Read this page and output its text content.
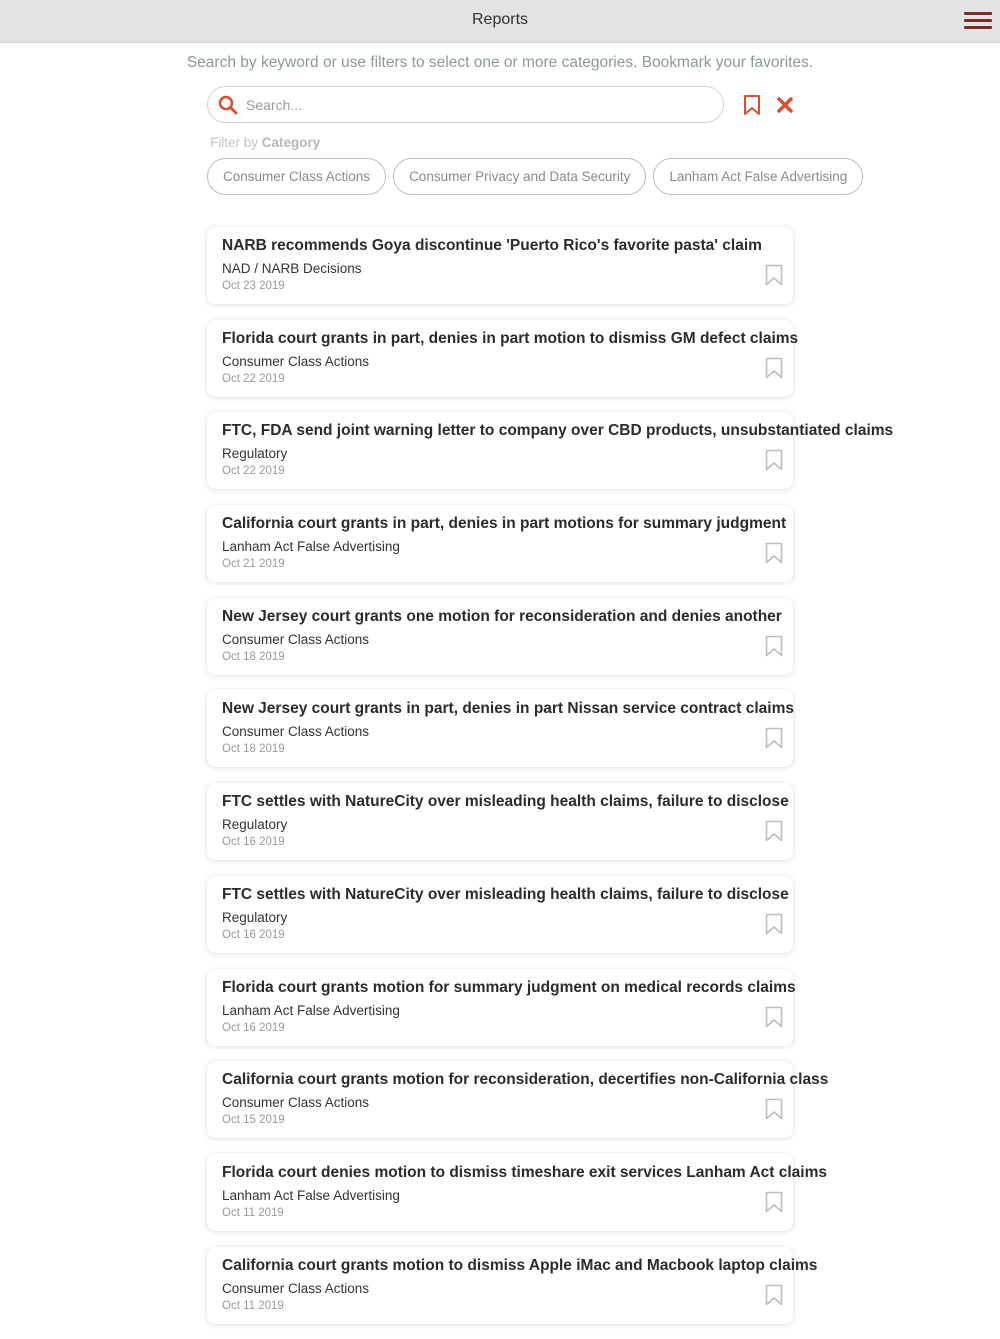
Reports
Search by keyword or use filters to select one or more categories. Bookmark your favorites.
Search...
Filter by Category
Consumer Class Actions	Consumer Privacy and Data Security	Lanham Act False Advertising
NARB recommends Goya discontinue 'Puerto Rico's favorite pasta' claim
NAD / NARB Decisions
Oct 23 2019
Florida court grants in part, denies in part motion to dismiss GM defect claims
Consumer Class Actions
Oct 22 2019
FTC, FDA send joint warning letter to company over CBD products, unsubstantiated claims
Regulatory
Oct 22 2019
California court grants in part, denies in part motions for summary judgment
Lanham Act False Advertising
Oct 21 2019
New Jersey court grants one motion for reconsideration and denies another
Consumer Class Actions
Oct 18 2019
New Jersey court grants in part, denies in part Nissan service contract claims
Consumer Class Actions
Oct 18 2019
FTC settles with NatureCity over misleading health claims, failure to disclose
Regulatory
Oct 16 2019
FTC settles with NatureCity over misleading health claims, failure to disclose
Regulatory
Oct 16 2019
Florida court grants motion for summary judgment on medical records claims
Lanham Act False Advertising
Oct 16 2019
California court grants motion for reconsideration, decertifies non-California class
Consumer Class Actions
Oct 15 2019
Florida court denies motion to dismiss timeshare exit services Lanham Act claims
Lanham Act False Advertising
Oct 11 2019
California court grants motion to dismiss Apple iMac and Macbook laptop claims
Consumer Class Actions
Oct 11 2019
